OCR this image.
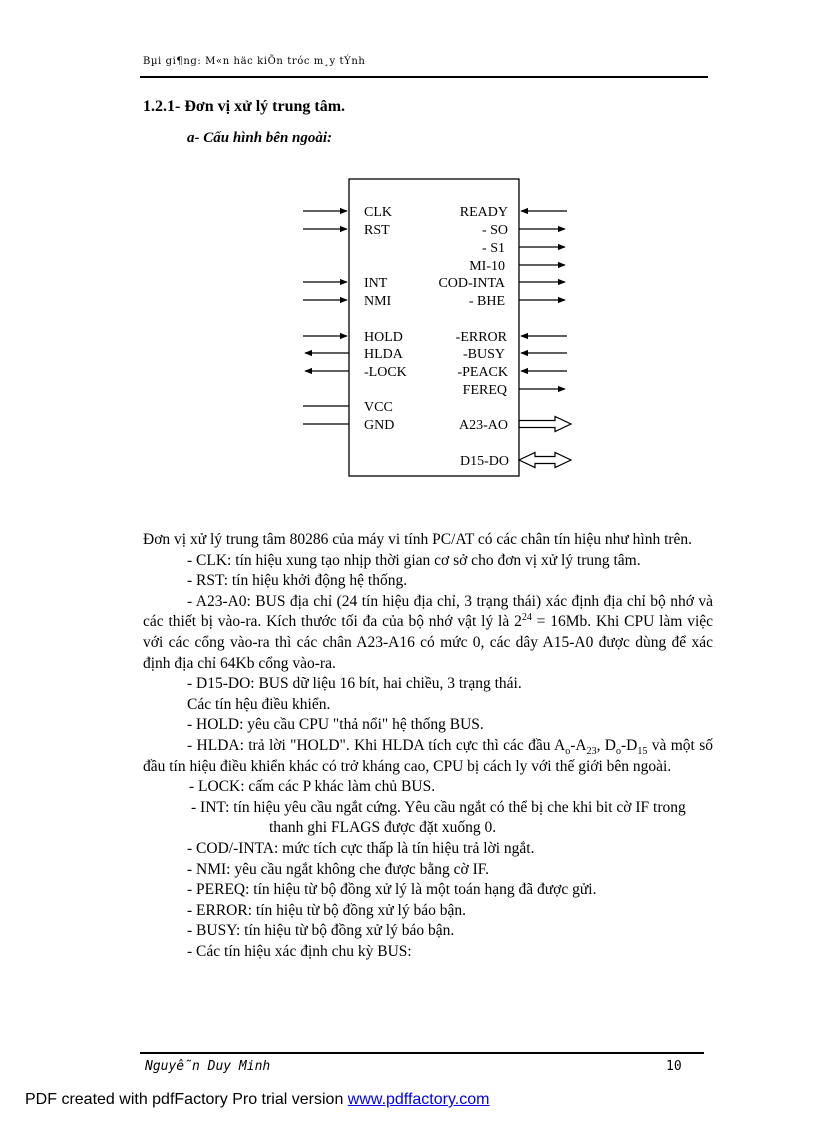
Bµi gi¶ng: M«n häc kiÕn tróc m¸y tÝnh
1.2.1- Đơn vị xử lý trung tâm.
a- Cấu hình bên ngoài:
CLK
RST
INT
NMI
HOLD
HLDA
-LOCK
VCC
GND
READY
- SO
- S1
MI-10
COD-INTA
- BHE
-ERROR
-BUSY
-PEACK
FEREQ
A23-AO
D15-DO

Đơn vị xử lý trung tâm 80286 của máy vi tính PC/AT có các chân tín hiệu như hình trên.

- CLK: tín hiệu xung tạo nhịp thời gian cơ sở cho đơn vị xử lý trung tâm.

- RST: tín hiệu khởi động hệ thống.

- A23-A0: BUS địa chỉ (24 tín hiệu địa chỉ, 3 trạng thái) xác định địa chỉ bộ nhớ và các thiết bị vào-ra. Kích thước tối đa của bộ nhớ vật lý là $2^{24} = 16Mb$. Khi CPU làm việc với các cổng vào-ra thì các chân A23-A16 có mức 0, các dây A15-A0 được dùng để xác định địa chỉ 64Kb cổng vào-ra.

- D15-DO: BUS dữ liệu 16 bít, hai chiều, 3 trạng thái.

Các tín hệu điều khiển.

- HOLD: yêu cầu CPU "thả nổi" hệ thống BUS.

- HLDA: trả lời "HOLD". Khi HLDA tích cực thì các đầu $A_o-A_{23}$, $D_o-D_{15}$ và một số đầu tín hiệu điều khiển khác có trở kháng cao, CPU bị cách ly với thế giới bên ngoài.

- LOCK: cấm các P khác làm chủ BUS.

- INT: tín hiệu yêu cầu ngắt cứng. Yêu cầu ngắt có thể bị che khi bit cờ IF trong thanh ghi FLAGS được đặt xuống 0.

- COD/-INTA: mức tích cực thấp là tín hiệu trả lời ngắt.

- NMI: yêu cầu ngắt không che được bằng cờ IF.

- PEREQ: tín hiệu từ bộ đồng xử lý là một toán hạng đã được gửi.

- ERROR: tín hiệu từ bộ đồng xử lý báo bận.

- BUSY: tín hiệu từ bộ đồng xử lý báo bận.

- Các tín hiệu xác định chu kỳ BUS:

Nguyễn Duy Minh	10
PDF created with pdfFactory Pro trial version www.pdffactory.com
